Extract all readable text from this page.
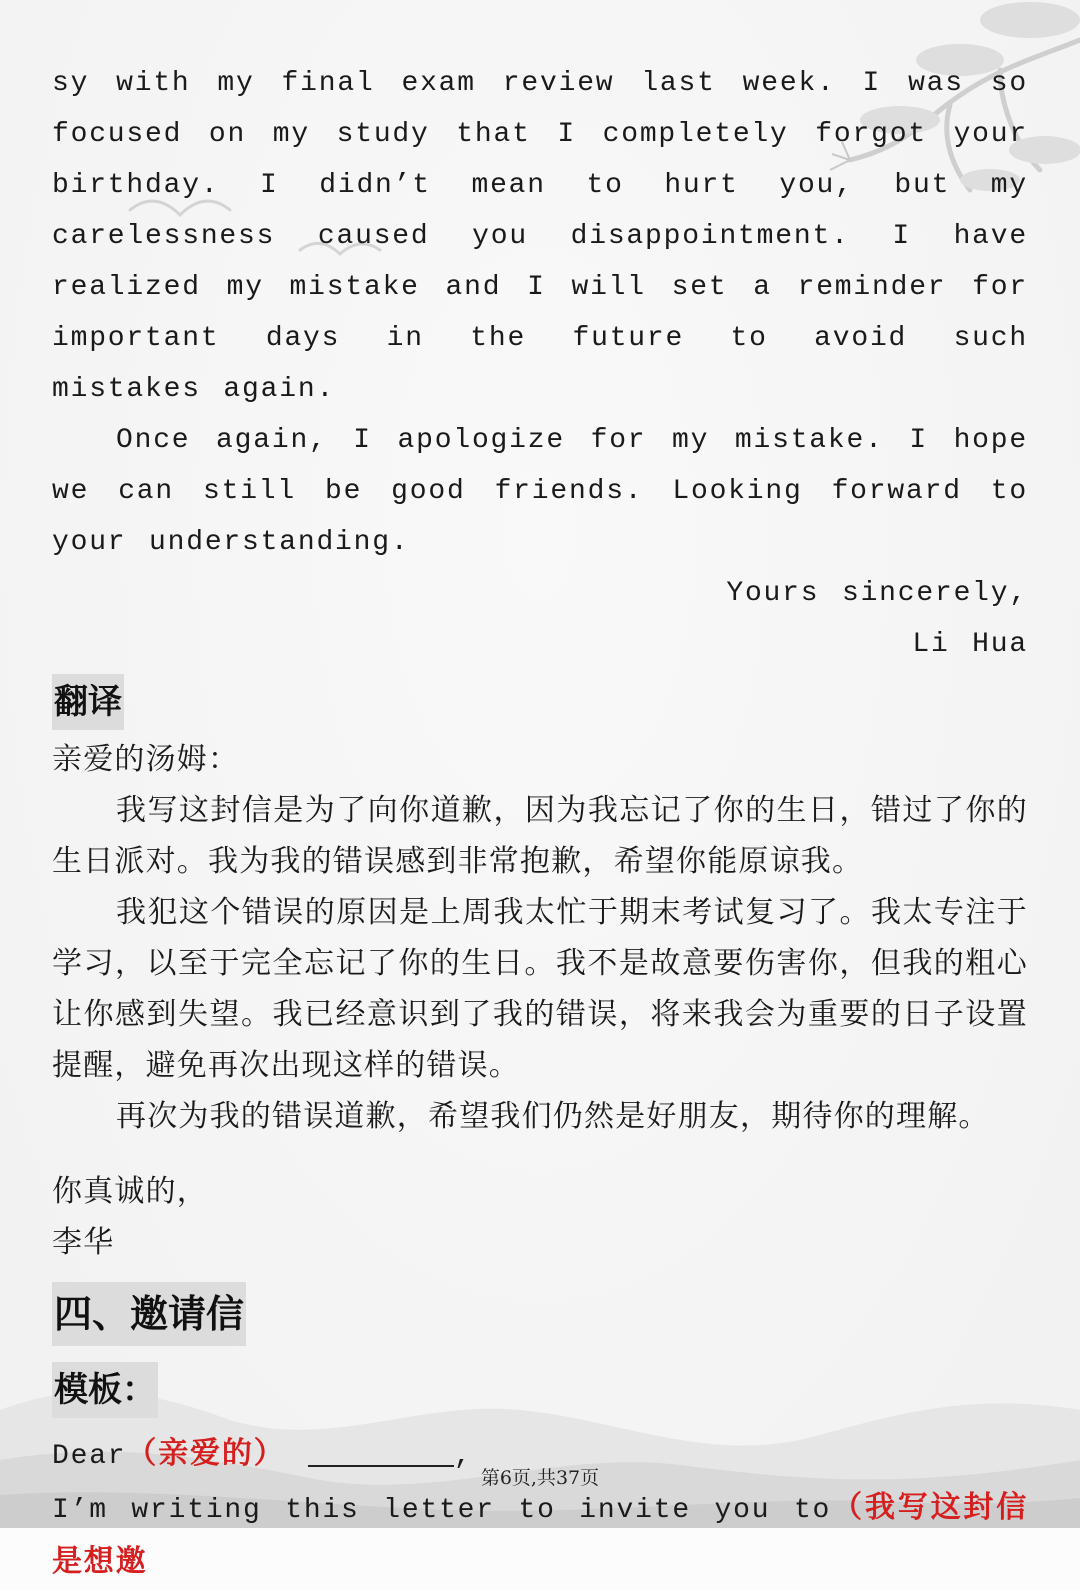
sy with my final exam review last week. I was so focused on my study that I completely forgot your birthday. I didn’t mean to hurt you, but my carelessness caused you disappointment. I have realized my mistake and I will set a reminder for important days in the future to avoid such mistakes again.

Once again, I apologize for my mistake. I hope we can still be good friends. Looking forward to your understanding.

Yours sincerely,

Li Hua

翻译

亲爱的汤姆：

我写这封信是为了向你道歉，因为我忘记了你的生日，错过了你的生日派对。我为我的错误感到非常抱歉，希望你能原谅我。

我犯这个错误的原因是上周我太忙于期末考试复习了。我太专注于学习，以至于完全忘记了你的生日。我不是故意要伤害你，但我的粗心让你感到失望。我已经意识到了我的错误，将来我会为重要的日子设置提醒，避免再次出现这样的错误。

再次为我的错误道歉，希望我们仍然是好朋友，期待你的理解。

你真诚的，

李华

四、邀请信
模板：

Dear（亲爱的）	,

I’m writing this letter to invite you to（我写这封信是想邀

第6页,共37页
